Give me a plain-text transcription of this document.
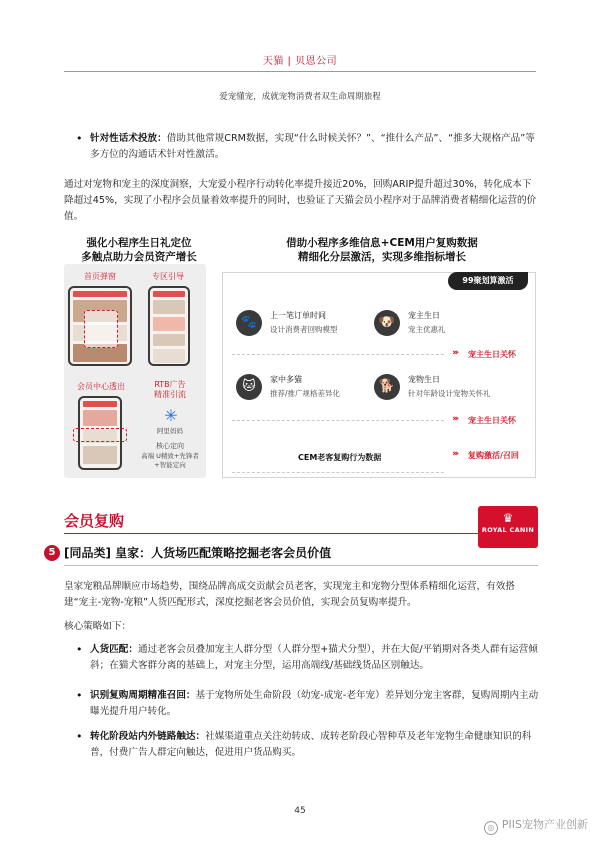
天猫 | 贝恩公司
爱宠懂宠，成就宠物消费者双生命周期旅程
• 针对性话术投放：借助其他常规CRM数据，实现“什么时候关怀？”、“推什么产品”、“推多大规格产品”等多方位的沟通话术针对性激活。
通过对宠物和宠主的深度洞察，大宠爱小程序行动转化率提升接近20%，回购ARIP提升超过30%，转化成本下降超过45%，实现了小程序会员量着效率提升的同时，也验证了天猫会员小程序对于品牌消费者精细化运营的价值。
强化小程序生日礼定位
多触点助力会员资产增长
借助小程序多维信息+CEM用户复购数据
精细化分层激活，实现多维指标增长
首页弹窗	专区引导
会员中心透出	RTB广告
精准引流
✳
阿里妈妈
核心定向
高端 U精致+先锋者
+智能定向
99聚划算激活
🐾	上一笔订单时间
设计消费者回购模型	🐶	宠主生日
宠主优惠礼
››› 宠主生日关怀
🐱	家中多猫
推荐/推广规格差异化	🐕	宠物生日
针对年龄设计宠物关怀礼
››› 宠主生日关怀
CEM老客复购行为数据	››› 复购激活/召回
会员复购	♛
ROYAL CANIN
5 [同品类] 皇家：人货场匹配策略挖掘老客会员价值
皇家宠粮品牌顺应市场趋势，围绕品牌高成交贡献会员老客，实现宠主和宠物分型体系精细化运营，有效搭建“宠主-宠物-宠粮”人货匹配形式，深度挖掘老客会员价值，实现会员复购率提升。
核心策略如下：
• 人货匹配：通过老客会员叠加宠主人群分型（人群分型+猫犬分型），并在大促/平销期对各类人群有运营倾斜；在猫犬客群分离的基础上，对宠主分型，运用高端线/基础线货品区别触达。
• 识别复购周期精准召回：基于宠物所处生命阶段（幼宠-成宠-老年宠）差异划分宠主客群，复购周期内主动曝光提升用户转化。
• 转化阶段站内外链路触达：社媒渠道重点关注幼转成、成转老阶段心智种草及老年宠物生命健康知识的科普，付费广告人群定向触达，促进用户货品购买。
45
◎ PIIS宠物产业创新
